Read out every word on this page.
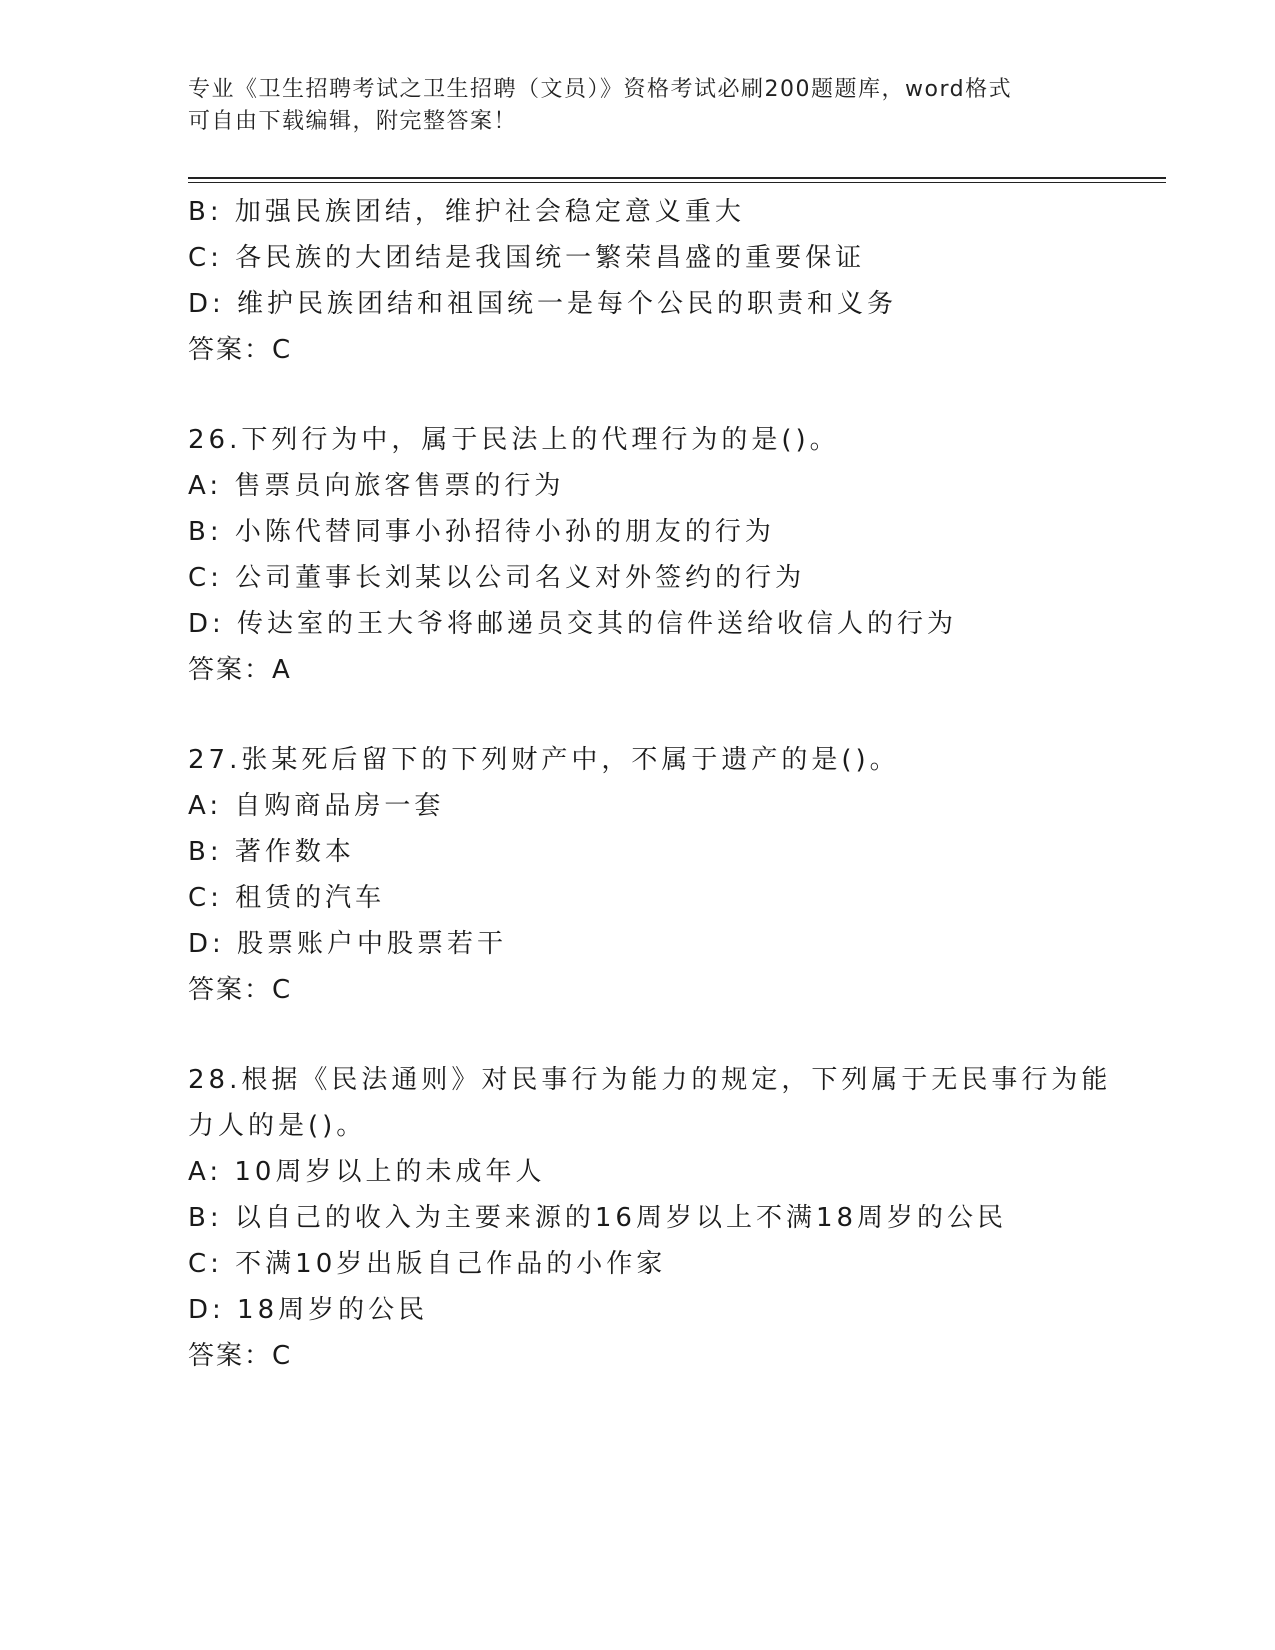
专业《卫生招聘考试之卫生招聘（文员）》资格考试必刷200题题库，word格式
可自由下载编辑，附完整答案！
B: 加强民族团结，维护社会稳定意义重大
C: 各民族的大团结是我国统一繁荣昌盛的重要保证
D: 维护民族团结和祖国统一是每个公民的职责和义务
答案：C
26.下列行为中，属于民法上的代理行为的是()。
A: 售票员向旅客售票的行为
B: 小陈代替同事小孙招待小孙的朋友的行为
C: 公司董事长刘某以公司名义对外签约的行为
D: 传达室的王大爷将邮递员交其的信件送给收信人的行为
答案：A
27.张某死后留下的下列财产中，不属于遗产的是()。
A: 自购商品房一套
B: 著作数本
C: 租赁的汽车
D: 股票账户中股票若干
答案：C
28.根据《民法通则》对民事行为能力的规定，下列属于无民事行为能
力人的是()。
A: 10周岁以上的未成年人
B: 以自己的收入为主要来源的16周岁以上不满18周岁的公民
C: 不满10岁出版自己作品的小作家
D: 18周岁的公民
答案：C
